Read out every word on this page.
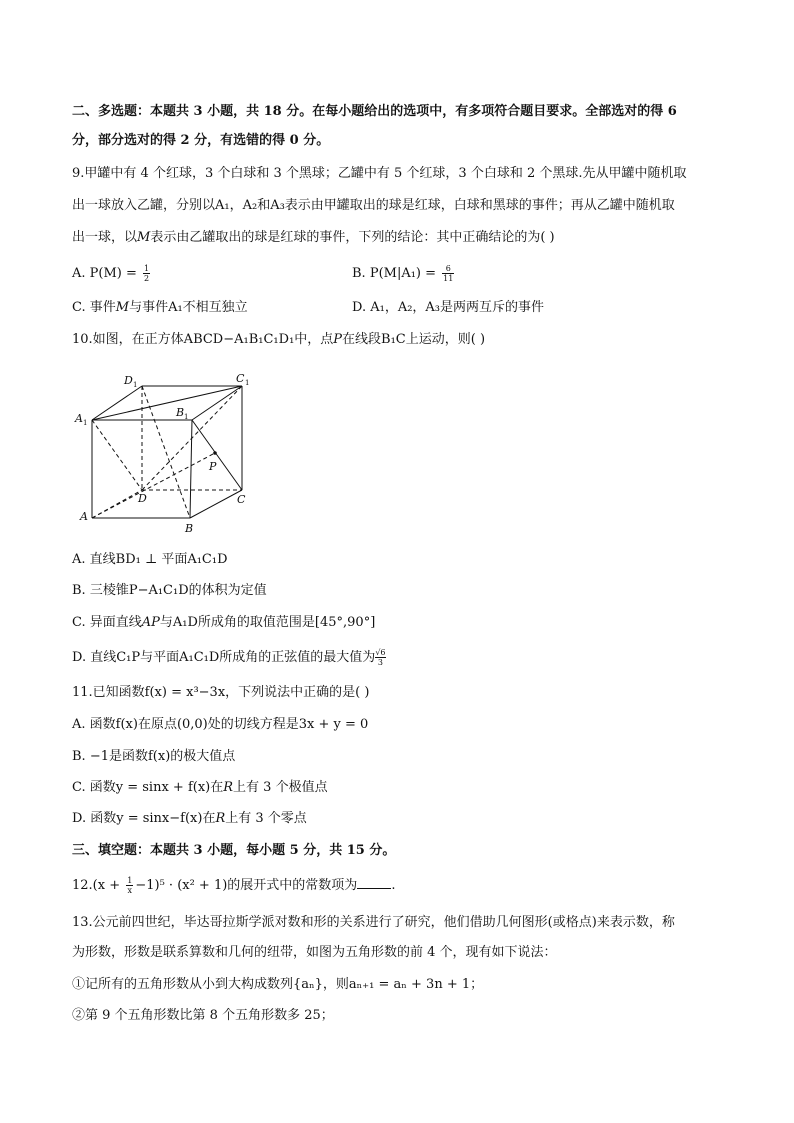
二、多选题：本题共 3 小题，共 18 分。在每小题给出的选项中，有多项符合题目要求。全部选对的得 6
分，部分选对的得 2 分，有选错的得 0 分。
9.甲罐中有 4 个红球，3 个白球和 3 个黑球；乙罐中有 5 个红球，3 个白球和 2 个黑球.先从甲罐中随机取
出一球放入乙罐，分别以A₁，A₂和A₃表示由甲罐取出的球是红球，白球和黑球的事件；再从乙罐中随机取
出一球，以M表示由乙罐取出的球是红球的事件，下列的结论：其中正确结论的为( )
A. $P(M) = \frac{1}{2}$	B. $P(M|A_1) = \frac{6}{11}$
C. 事件M与事件A₁不相互独立	D. A₁，A₂，A₃是两两互斥的事件
10.如图，在正方体ABCD−A₁B₁C₁D₁中，点P在线段B₁C上运动，则( )
D 1	C 1
A 1
B 1
P
D	C
A
B
A. 直线BD₁ ⊥ 平面A₁C₁D
B. 三棱锥P−A₁C₁D的体积为定值
C. 异面直线AP与A₁D所成角的取值范围是[45°,90°]
D. 直线C₁P与平面A₁C₁D所成角的正弦值的最大值为 $\frac{√6}{3}$
11.已知函数f(x) = x³−3x，下列说法中正确的是( )
A. 函数f(x)在原点(0,0)处的切线方程是3x + y = 0
B. −1是函数f(x)的极大值点
C. 函数y = sinx + f(x)在R上有 3 个极值点
D. 函数y = sinx−f(x)在R上有 3 个零点
三、填空题：本题共 3 小题，每小题 5 分，共 15 分。
$12.(x + \frac{1}{x} -1)^5 \cdot (x^2 + 1)$的展开式中的常数项为	.
13.公元前四世纪，毕达哥拉斯学派对数和形的关系进行了研究，他们借助几何图形(或格点)来表示数，称
为形数，形数是联系算数和几何的纽带，如图为五角形数的前 4 个，现有如下说法：
①记所有的五角形数从小到大构成数列{aₙ}，则aₙ₊₁ = aₙ + 3n + 1；
②第 9 个五角形数比第 8 个五角形数多 25；
